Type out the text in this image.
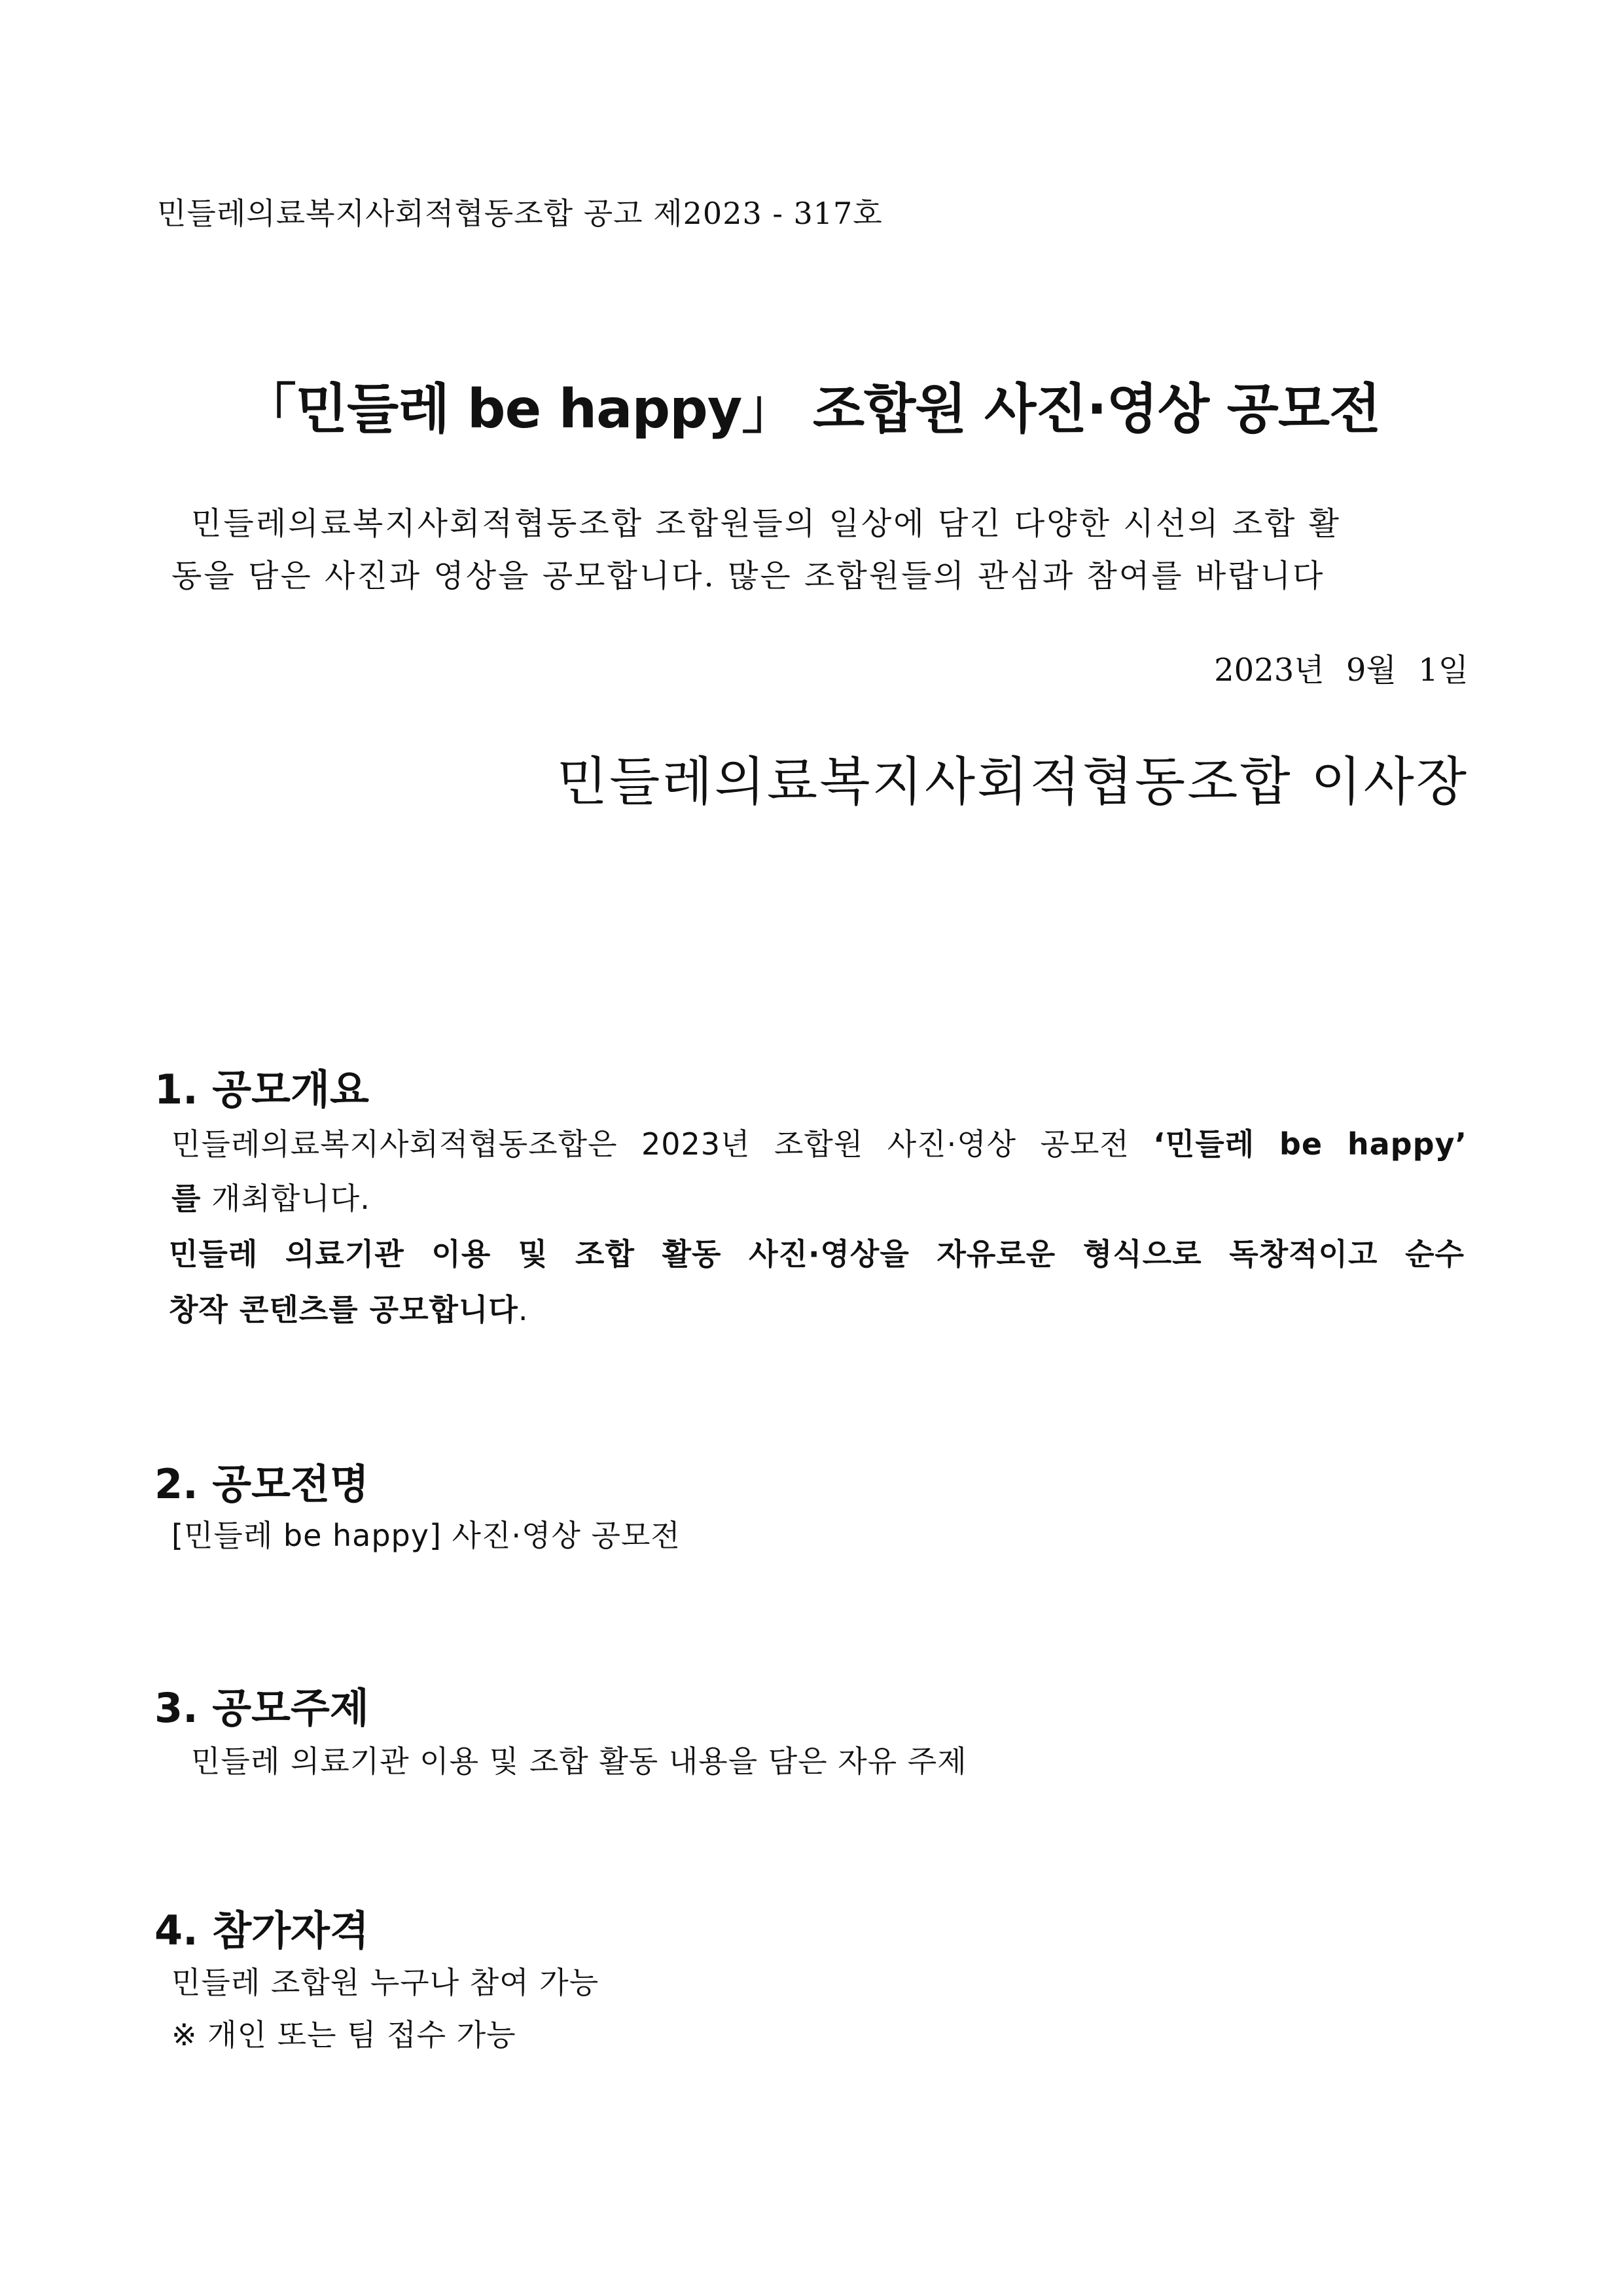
민들레의료복지사회적협동조합 공고 제2023 - 317호
「민들레 be happy」 조합원 사진·영상 공모전
민들레의료복지사회적협동조합 조합원들의 일상에 담긴 다양한 시선의 조합 활
동을 담은 사진과 영상을 공모합니다. 많은 조합원들의 관심과 참여를 바랍니다
2023년 9월 1일
민들레의료복지사회적협동조합 이사장
1. 공모개요
민들레의료복지사회적협동조합은 2023년 조합원 사진·영상 공모전 ‘민들레 be happy’
를 개최합니다.
민들레 의료기관 이용 및 조합 활동 사진·영상을 자유로운 형식으로 독창적이고 순수
창작 콘텐츠를 공모합니다.
2. 공모전명
[민들레 be happy] 사진·영상 공모전
3. 공모주제
민들레 의료기관 이용 및 조합 활동 내용을 담은 자유 주제
4. 참가자격
민들레 조합원 누구나 참여 가능
※ 개인 또는 팀 접수 가능
